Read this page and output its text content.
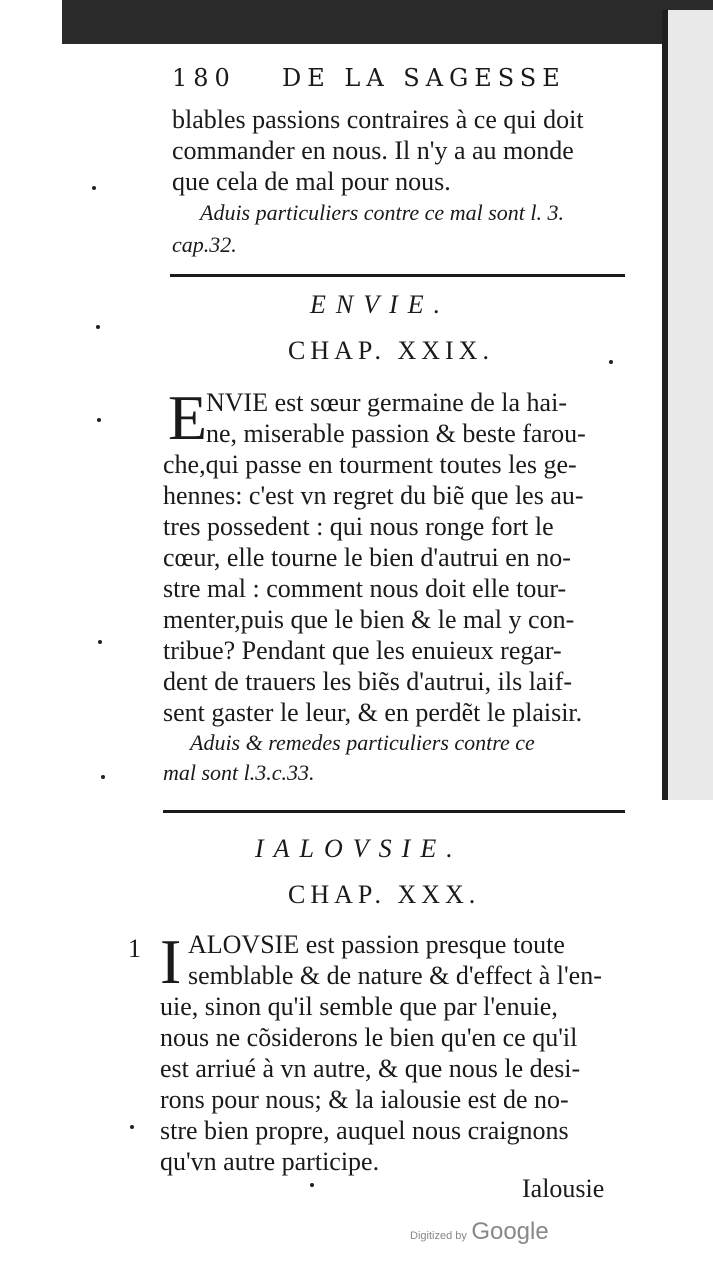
180 DE LA SAGESSE
blables passions contraires à ce qui doit
commander en nous. Il n'y a au monde
que cela de mal pour nous.
Aduis particuliers contre ce mal sont l. 3.
cap.32.
ENVIE.
CHAP. XXIX.
E
NVIE est sœur germaine de la hai-
ne, miserable passion & beste farou-
che,qui passe en tourment toutes les ge-
hennes: c'est vn regret du biẽ que les au-
tres possedent : qui nous ronge fort le
cœur, elle tourne le bien d'autrui en no-
stre mal : comment nous doit elle tour-
menter,puis que le bien & le mal y con-
tribue? Pendant que les enuieux regar-
dent de trauers les biẽs d'autrui, ils laif-
sent gaster le leur, & en perdẽt le plaisir.
Aduis & remedes particuliers contre ce
mal sont l.3.c.33.
IALOVSIE.
CHAP. XXX.
1 I ALOVSIE est passion presque toute
semblable & de nature & d'effect à l'en-
uie, sinon qu'il semble que par l'enuie,
nous ne cõsiderons le bien qu'en ce qu'il
est arriué à vn autre, & que nous le desi-
rons pour nous; & la ialousie est de no-
stre bien propre, auquel nous craignons
qu'vn autre participe.
Ialousie
Digitized by Google
